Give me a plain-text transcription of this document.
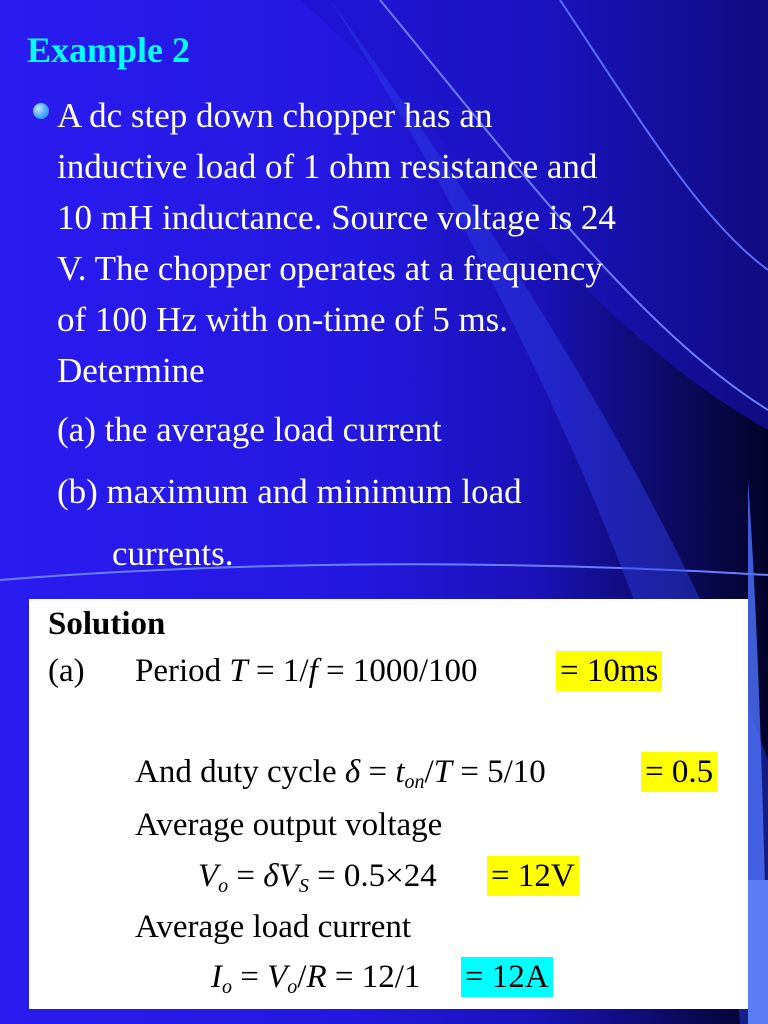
Example 2
A dc step down chopper has an
inductive load of 1 ohm resistance and
10 mH inductance. Source voltage is 24
V. The chopper operates at a frequency
of 100 Hz with on-time of 5 ms.
Determine
(a) the average load current
(b) maximum and minimum load
currents.
Solution
(a) Period T = 1/f = 1000/100 = 10ms
And duty cycle $\delta = t_{on}/T = 5/10$	= 0.5
Average output voltage
$V_o = \delta V_S = 0.5\times 24 = 12V$
Average load current
$I_o = V_o/R = 12/1 = 12A$
